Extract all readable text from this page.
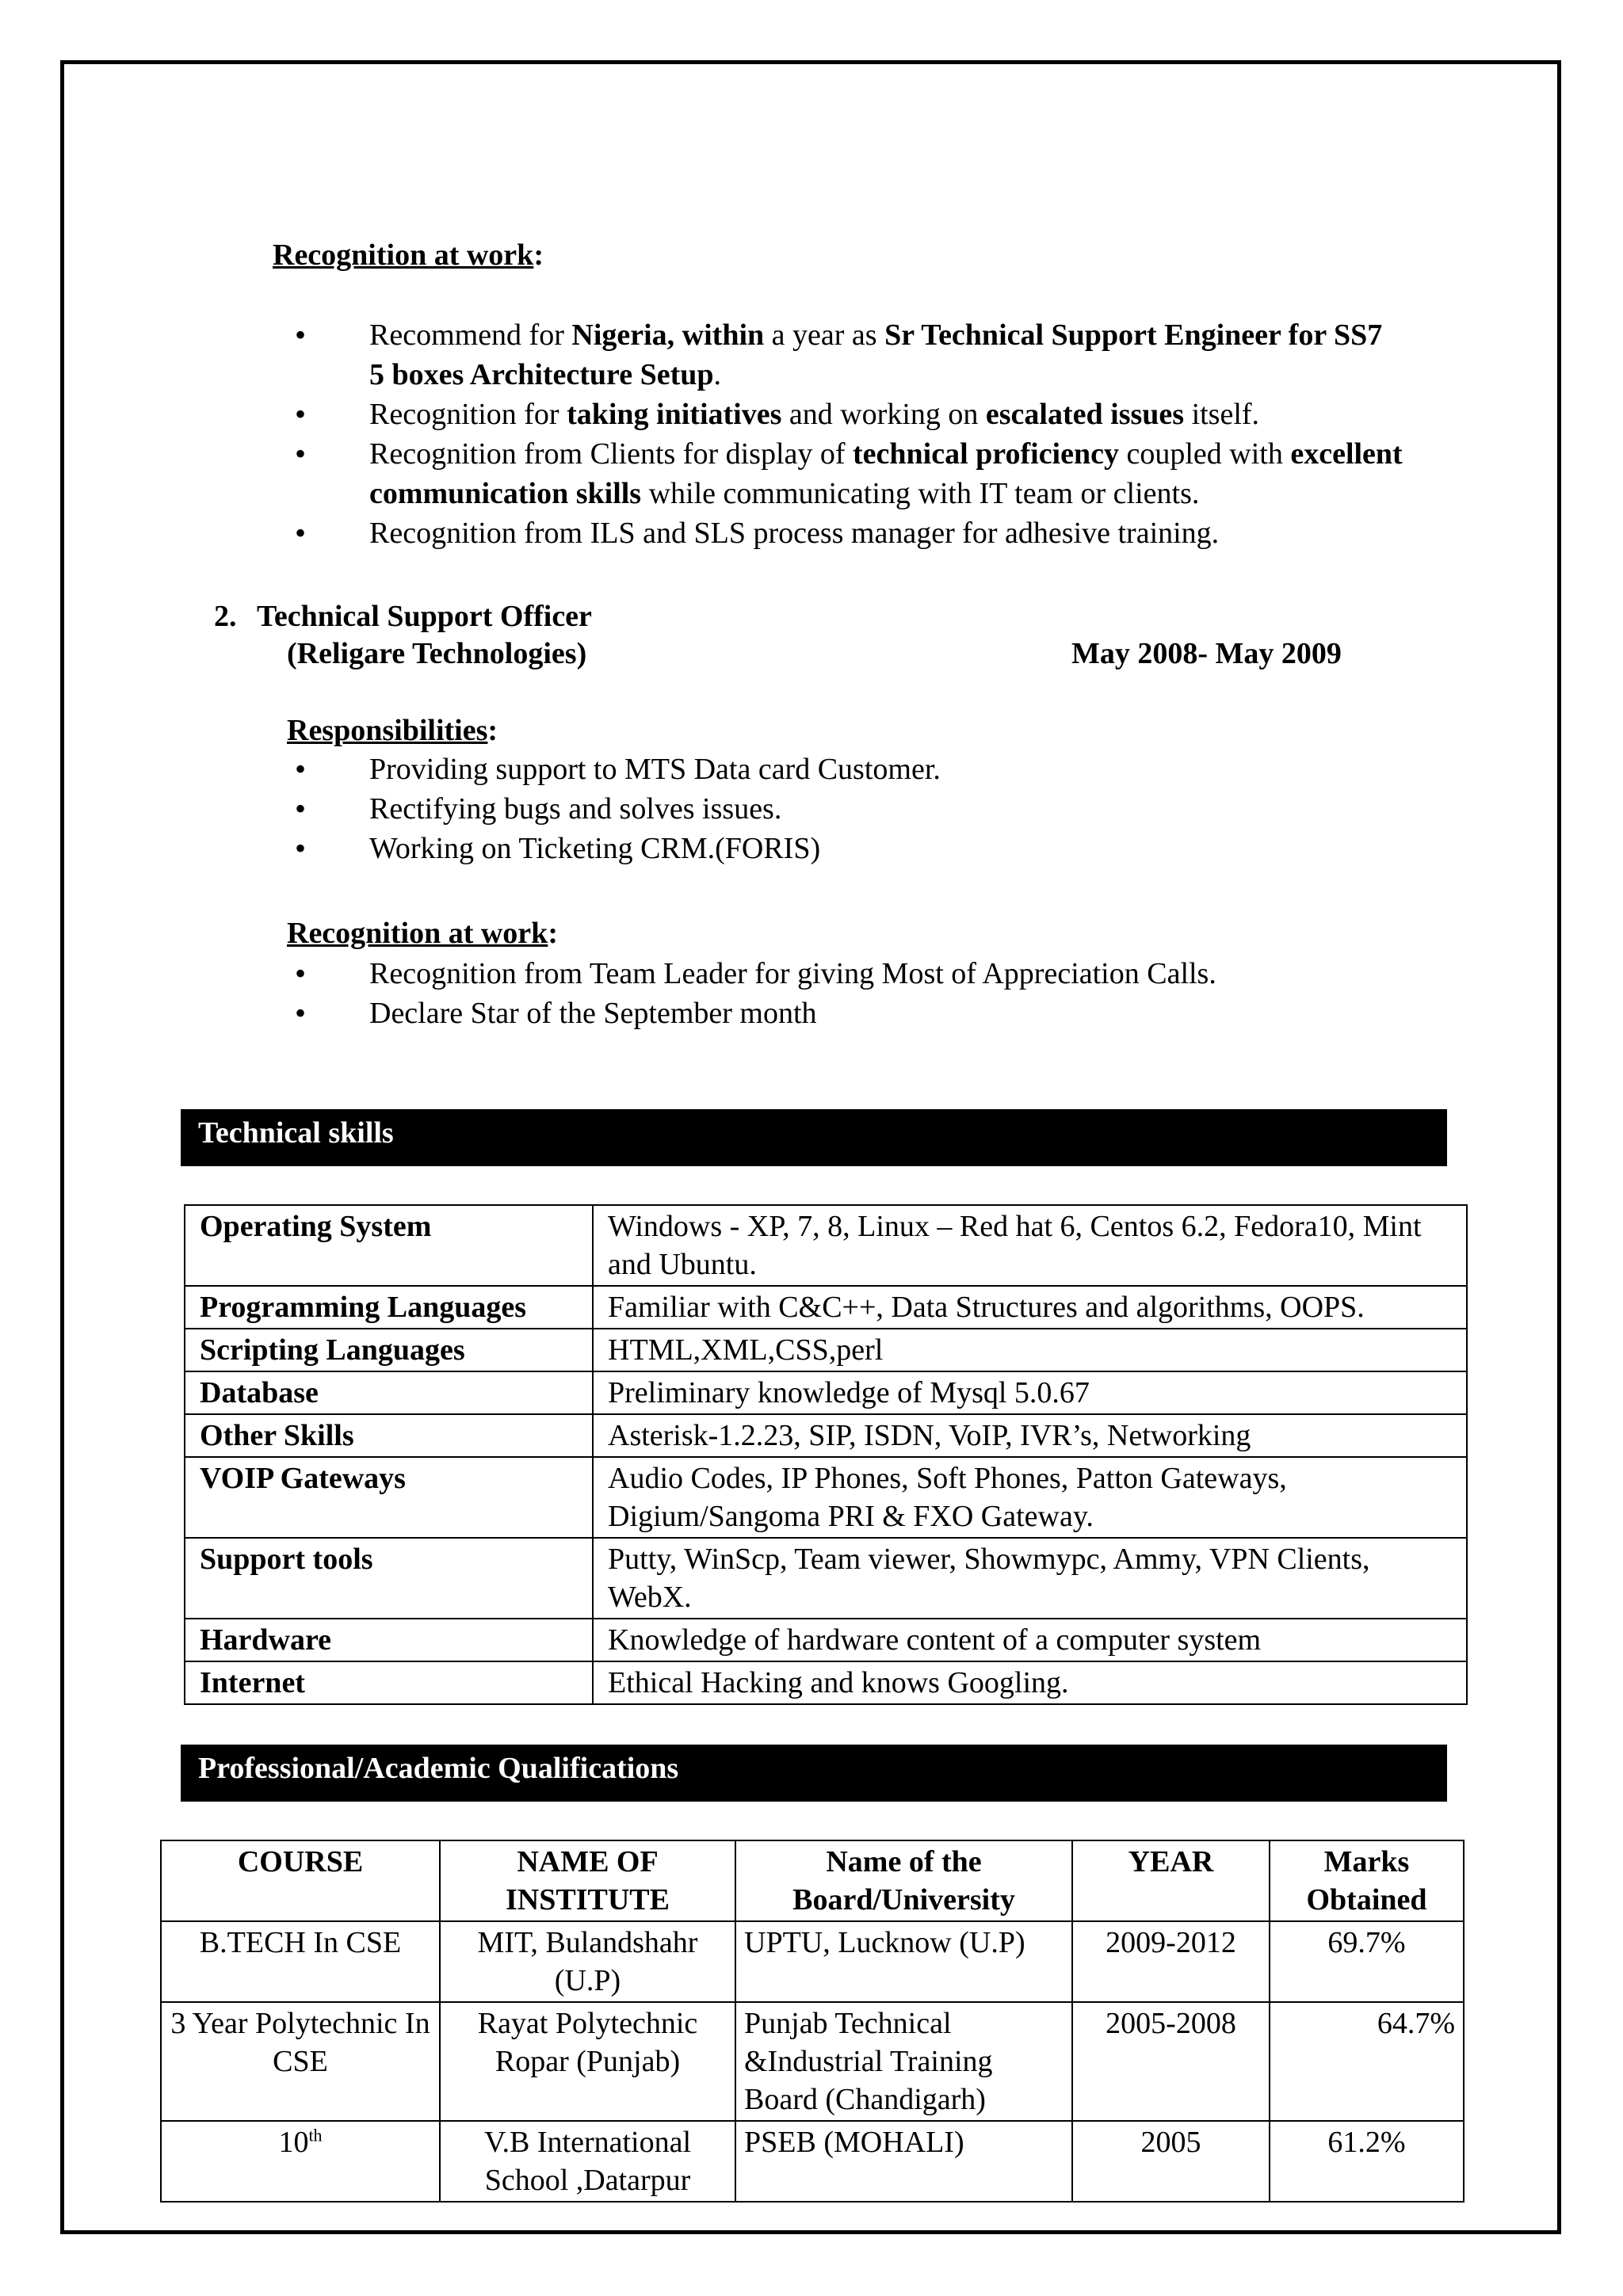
Recognition at work:
• Recommend for Nigeria, within a year as Sr Technical Support Engineer for SS7 5 boxes Architecture Setup.
• Recognition for taking initiatives and working on escalated issues itself.
• Recognition from Clients for display of technical proficiency coupled with excellent communication skills while communicating with IT team or clients.
• Recognition from ILS and SLS process manager for adhesive training.
2. Technical Support Officer
(Religare Technologies)	May 2008- May 2009
Responsibilities:
• Providing support to MTS Data card Customer.
• Rectifying bugs and solves issues.
• Working on Ticketing CRM.(FORIS)
Recognition at work:
• Recognition from Team Leader for giving Most of Appreciation Calls.
• Declare Star of the September month
Technical skills
Operating System	Windows - XP, 7, 8, Linux – Red hat 6, Centos 6.2, Fedora10, Mint and Ubuntu.
Programming Languages	Familiar with C&C++, Data Structures and algorithms, OOPS.
Scripting Languages	HTML,XML,CSS,perl
Database	Preliminary knowledge of Mysql 5.0.67
Other Skills	Asterisk-1.2.23, SIP, ISDN, VoIP, IVR’s, Networking
VOIP Gateways	Audio Codes, IP Phones, Soft Phones, Patton Gateways, Digium/Sangoma PRI & FXO Gateway.
Support tools	Putty, WinScp, Team viewer, Showmypc, Ammy, VPN Clients, WebX.
Hardware	Knowledge of hardware content of a computer system
Internet	Ethical Hacking and knows Googling.
Professional/Academic Qualifications
COURSE	NAME OF INSTITUTE	Name of the Board/University	YEAR	Marks Obtained
B.TECH In CSE	MIT, Bulandshahr (U.P)	UPTU, Lucknow (U.P)	2009-2012	69.7%
3 Year Polytechnic In CSE	Rayat Polytechnic Ropar (Punjab)	Punjab Technical &Industrial Training Board (Chandigarh)	2005-2008	64.7%
10th	V.B International School ,Datarpur	PSEB (MOHALI)	2005	61.2%
